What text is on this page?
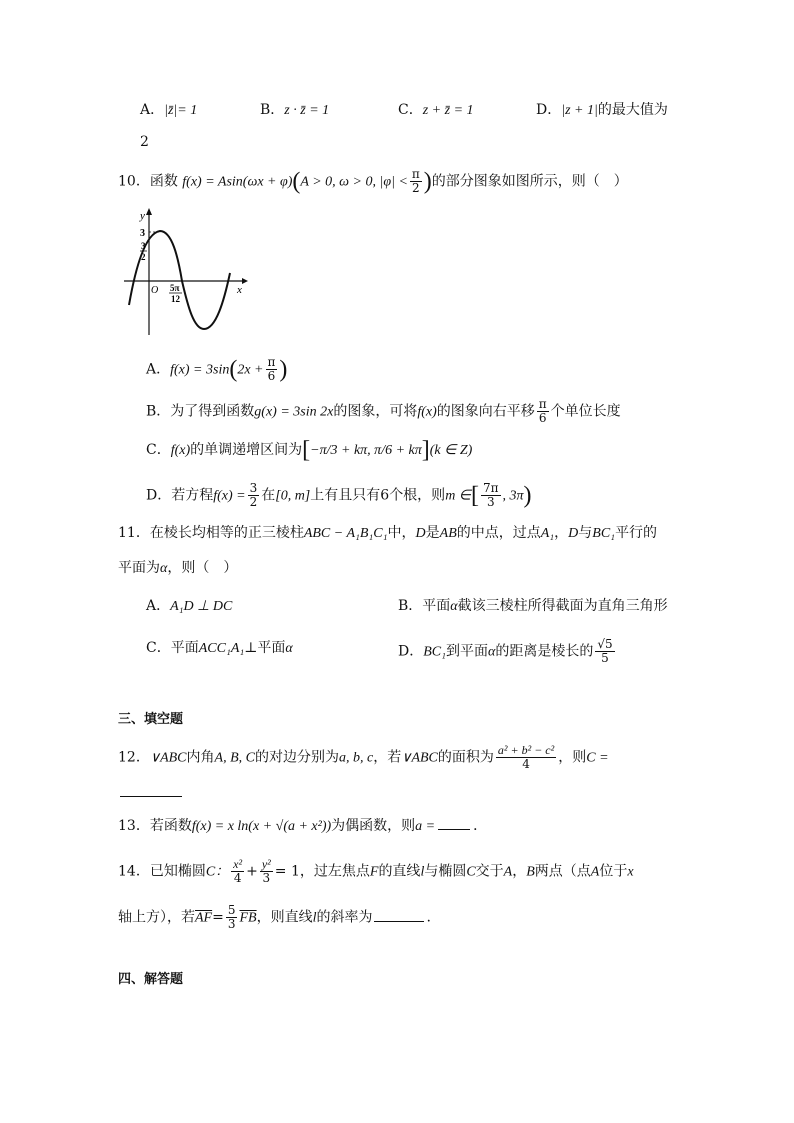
A．|z̄|= 1	B．z · z̄ = 1	C．z + z̄ = 1	D．|z + 1|的最大值为
2
10．函数 f(x) = Asin(ωx + φ)(A > 0, ω > 0, $|\varphi| < \frac{\pi}{2}$ )的部分图象如图所示，则（　）
y
x
O
3
3
2
5π
12
A．$f(x) = 3\sin(2x + \frac{\pi}{6}$ )
B．为了得到函数g(x) = 3sin 2x的图象，可将f(x)的图象向右平移 $\frac{\pi}{6}$ 个单位长度
C．f(x)的单调递增区间为[−π/3 + kπ, π/6 + kπ](k ∈ Z)
D．若方程$f(x) = \frac{3}{2}$ 在[0, m]上有且只有6个根，则m ∈[ $\frac{7\pi}{3}$ , 3π)
11．在棱长均相等的正三棱柱ABC − A₁B₁C₁中，D是AB的中点，过点A₁，D与BC₁平行的
平面为α，则（　）
A．A₁D ⊥ DC	B．平面α截该三棱柱所得截面为直角三角形
C．平面ACC₁A₁⊥平面α	D．BC₁到平面α的距离是棱长的 $\frac{√5}{5}$
三、填空题
12．∨ABC内角A, B, C的对边分别为a, b, c，若∨ABC的面积为 $\frac{\text{a² + b² − c²}}{4}$ ，则C =
13．若函数f(x) = x ln(x + √(a + x²))为偶函数，则a =	．
14．已知椭圆C： $\frac{\text{x²}}{4} + \frac{\text{y²}}{3} = 1$，过左焦点F的直线l与椭圆C交于A，B两点（点A位于x
轴上方），若$\overline{AF}= \frac{5}{3} \overline{FB}$，则直线l的斜率为	.
四、解答题
